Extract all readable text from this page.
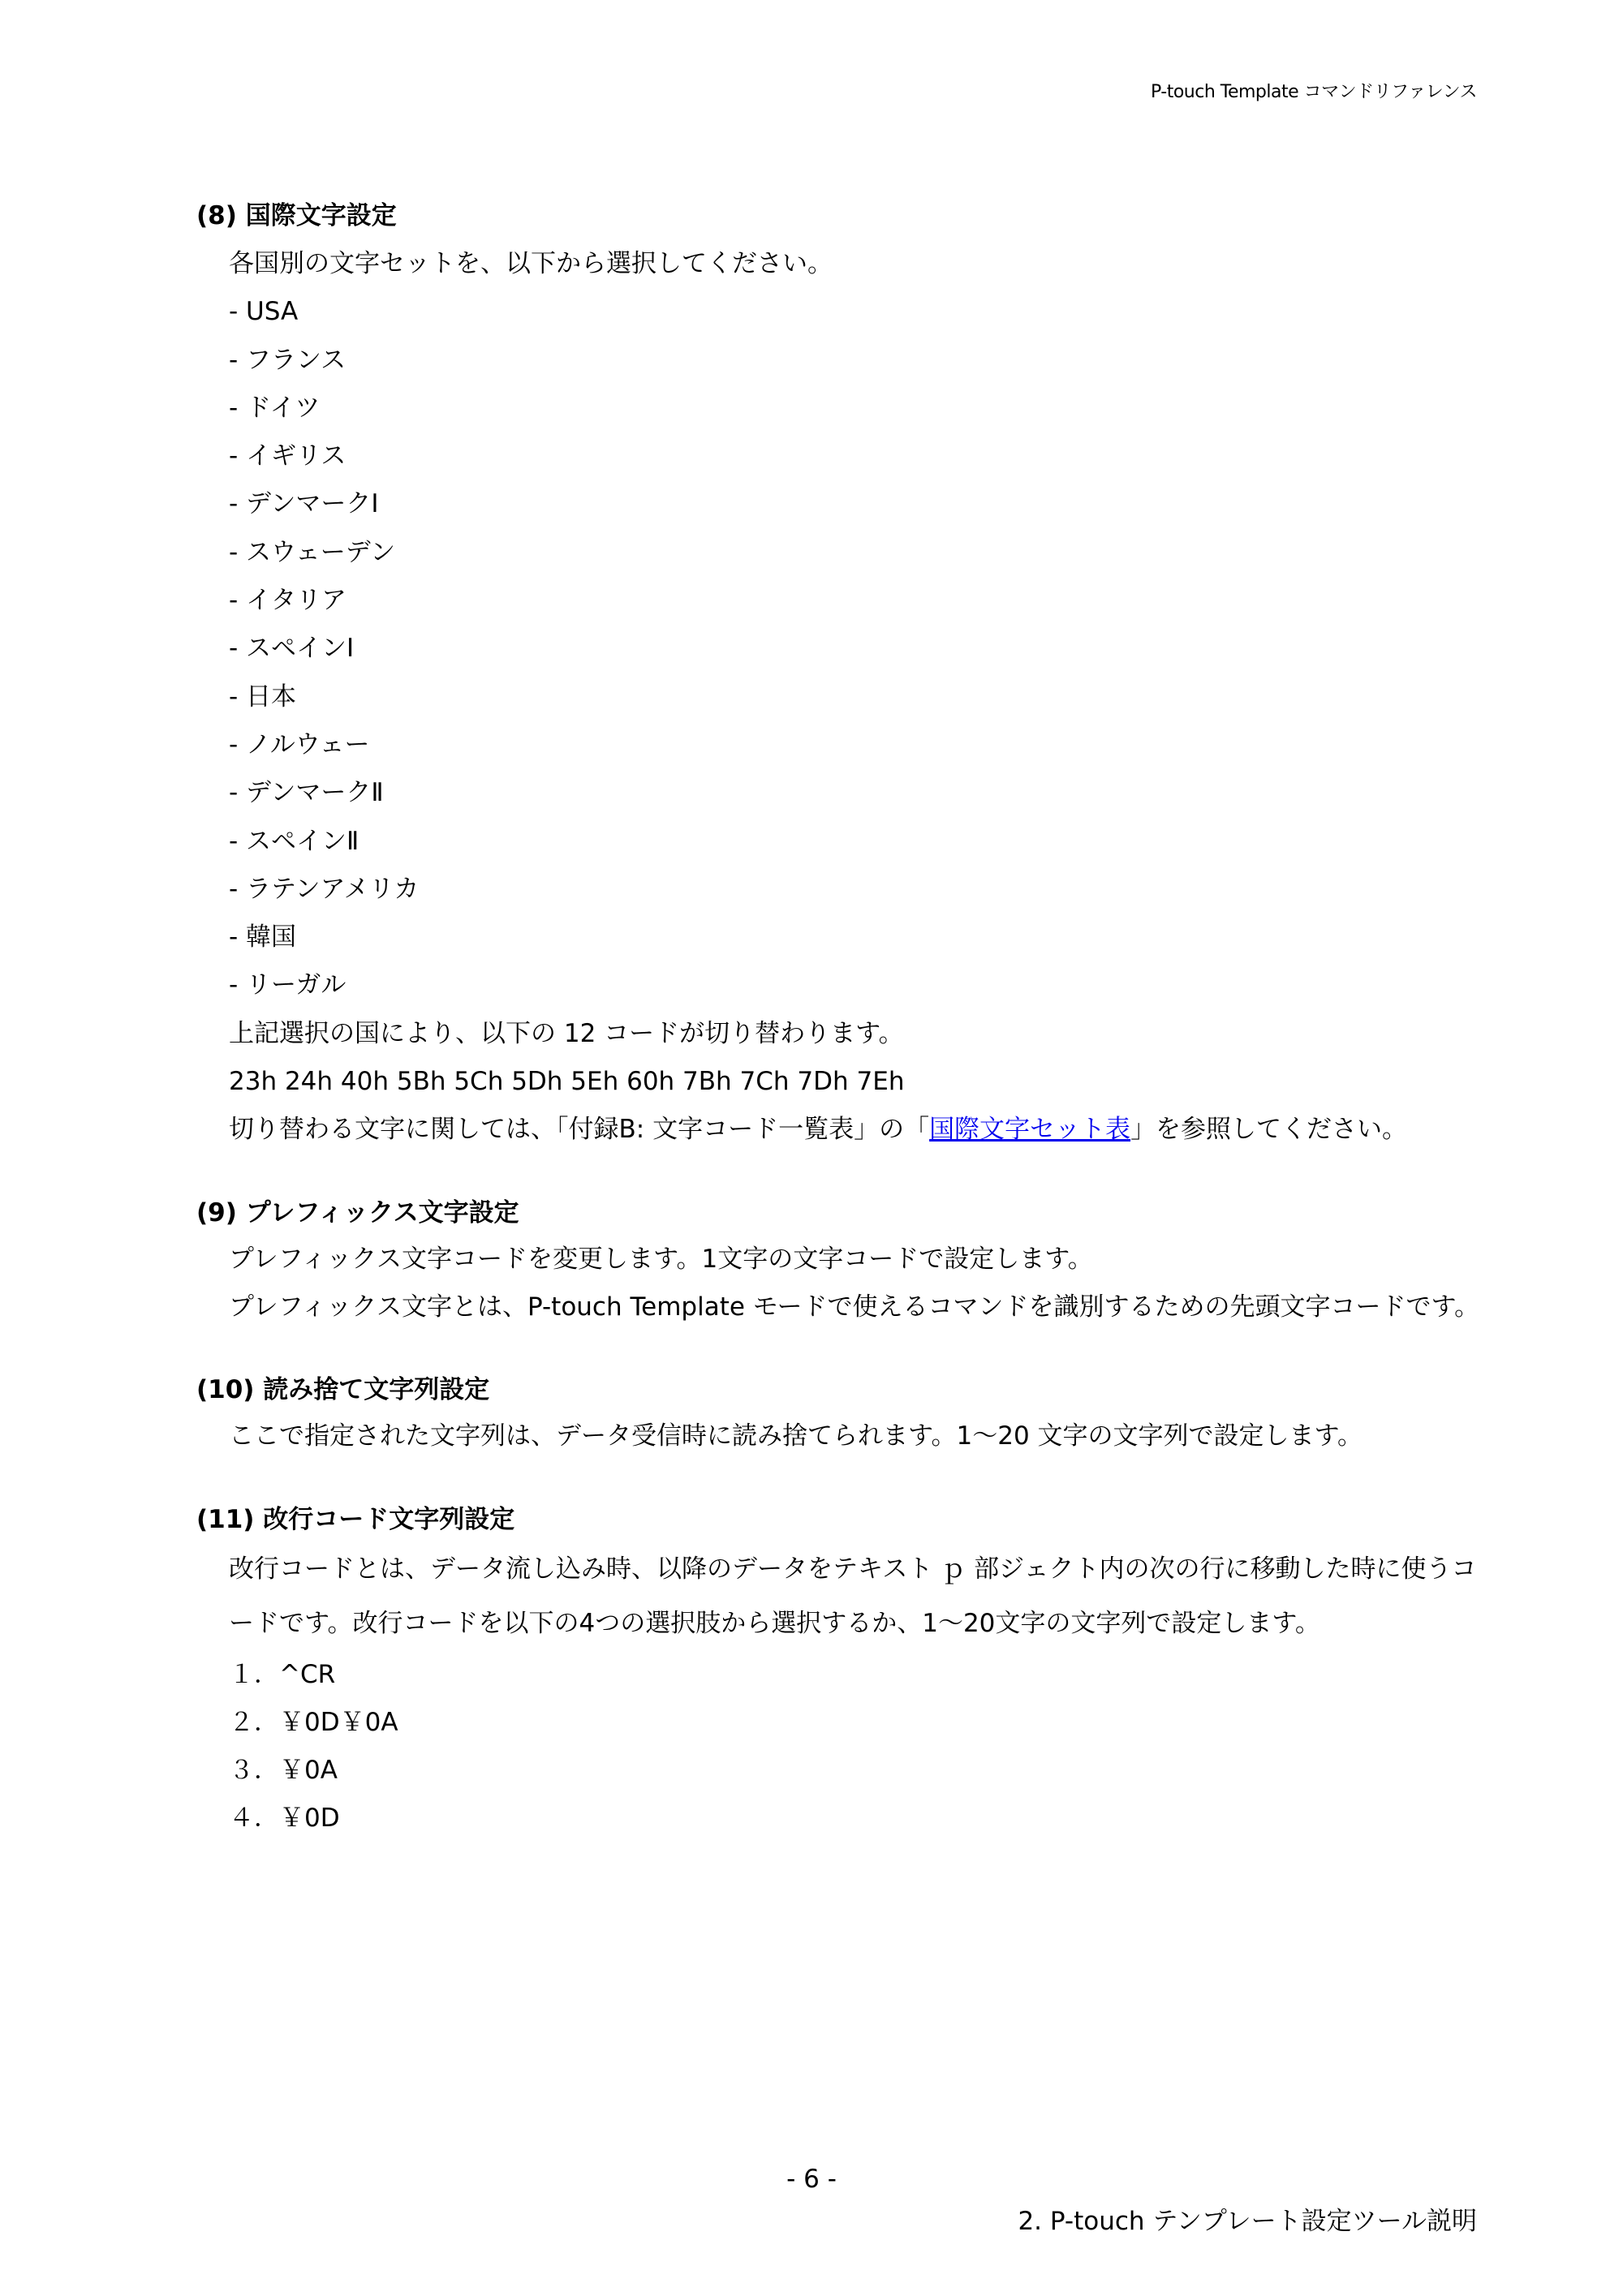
P-touch Template コマンドリファレンス

(8) 国際文字設定

各国別の文字セットを、以下から選択してください。

- USA

- フランス

- ドイツ

- イギリス

- デンマークⅠ

- スウェーデン

- イタリア

- スペインⅠ

- 日本

- ノルウェー

- デンマークⅡ

- スペインⅡ

- ラテンアメリカ

- 韓国

- リーガル

上記選択の国により、以下の 12 コードが切り替わります。

23h 24h 40h 5Bh 5Ch 5Dh 5Eh 60h 7Bh 7Ch 7Dh 7Eh

切り替わる文字に関しては、「付録B: 文字コード一覧表」の「国際文字セット表」を参照してください。

(9) プレフィックス文字設定

プレフィックス文字コードを変更します。1文字の文字コードで設定します。

プレフィックス文字とは、P-touch Template モードで使えるコマンドを識別するための先頭文字コードです。

(10) 読み捨て文字列設定

ここで指定された文字列は、データ受信時に読み捨てられます。1〜20 文字の文字列で設定します。

(11) 改行コード文字列設定

改行コードとは、データ流し込み時、以降のデータをテキスト ｐ 部ジェクト内の次の行に移動した時に使うコードです。改行コードを以下の4つの選択肢から選択するか、1～20文字の文字列で設定します。

１．^CR

２．￥0D￥0A

３．￥0A

４．￥0D

- 6 -
2. P-touch テンプレート設定ツール説明
